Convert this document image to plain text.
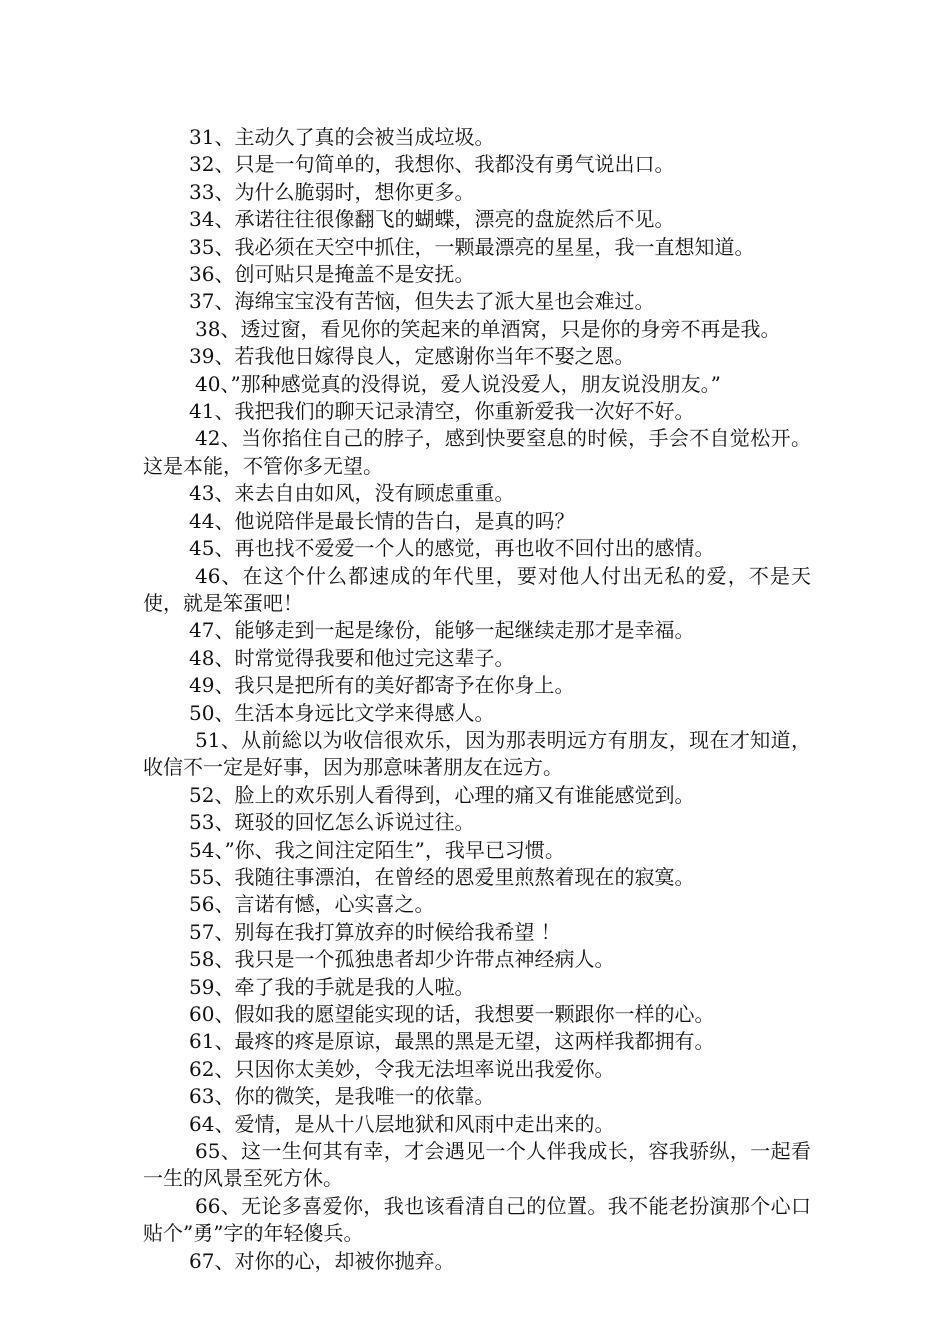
31、主动久了真的会被当成垃圾。

32、只是一句简单的，我想你、我都没有勇气说出口。

33、为什么脆弱时，想你更多。

34、承诺往往很像翻飞的蝴蝶，漂亮的盘旋然后不见。

35、我必须在天空中抓住，一颗最漂亮的星星，我一直想知道。

36、创可贴只是掩盖不是安抚。

37、海绵宝宝没有苦恼，但失去了派大星也会难过。

38、透过窗，看见你的笑起来的单酒窝，只是你的身旁不再是我。

39、若我他日嫁得良人，定感谢你当年不娶之恩。

40、”那种感觉真的没得说，爱人说没爱人，朋友说没朋友。”

41、我把我们的聊天记录清空，你重新爱我一次好不好。

42、当你掐住自己的脖子，感到快要窒息的时候，手会不自觉松开。这是本能，不管你多无望。

43、来去自由如风，没有顾虑重重。

44、他说陪伴是最长情的告白，是真的吗？

45、再也找不爱爱一个人的感觉，再也收不回付出的感情。

46、在这个什么都速成的年代里，要对他人付出无私的爱，不是天使，就是笨蛋吧！

47、能够走到一起是缘份，能够一起继续走那才是幸福。

48、时常觉得我要和他过完这辈子。

49、我只是把所有的美好都寄予在你身上。

50、生活本身远比文学来得感人。

51、从前総以为收信很欢乐，因为那表明远方有朋友，现在才知道，收信不一定是好事，因为那意味著朋友在远方。

52、脸上的欢乐别人看得到，心理的痛又有谁能感觉到。

53、斑驳的回忆怎么诉说过往。

54、”你、我之间注定陌生”，我早已习惯。

55、我随往事漂泊，在曾经的恩爱里煎熬着现在的寂寞。

56、言诺有憾，心实喜之。

57、别每在我打算放弃的时候给我希望 ！

58、我只是一个孤独患者却少许带点神经病人。

59、牵了我的手就是我的人啦。

60、假如我的愿望能实现的话，我想要一颗跟你一样的心。

61、最疼的疼是原谅，最黑的黑是无望，这两样我都拥有。

62、只因你太美妙，令我无法坦率说出我爱你。

63、你的微笑，是我唯一的依靠。

64、爱情，是从十八层地狱和风雨中走出来的。

65、这一生何其有幸，才会遇见一个人伴我成长，容我骄纵，一起看一生的风景至死方休。

66、无论多喜爱你，我也该看清自己的位置。我不能老扮演那个心口贴个”勇”字的年轻傻兵。

67、对你的心，却被你抛弃。
